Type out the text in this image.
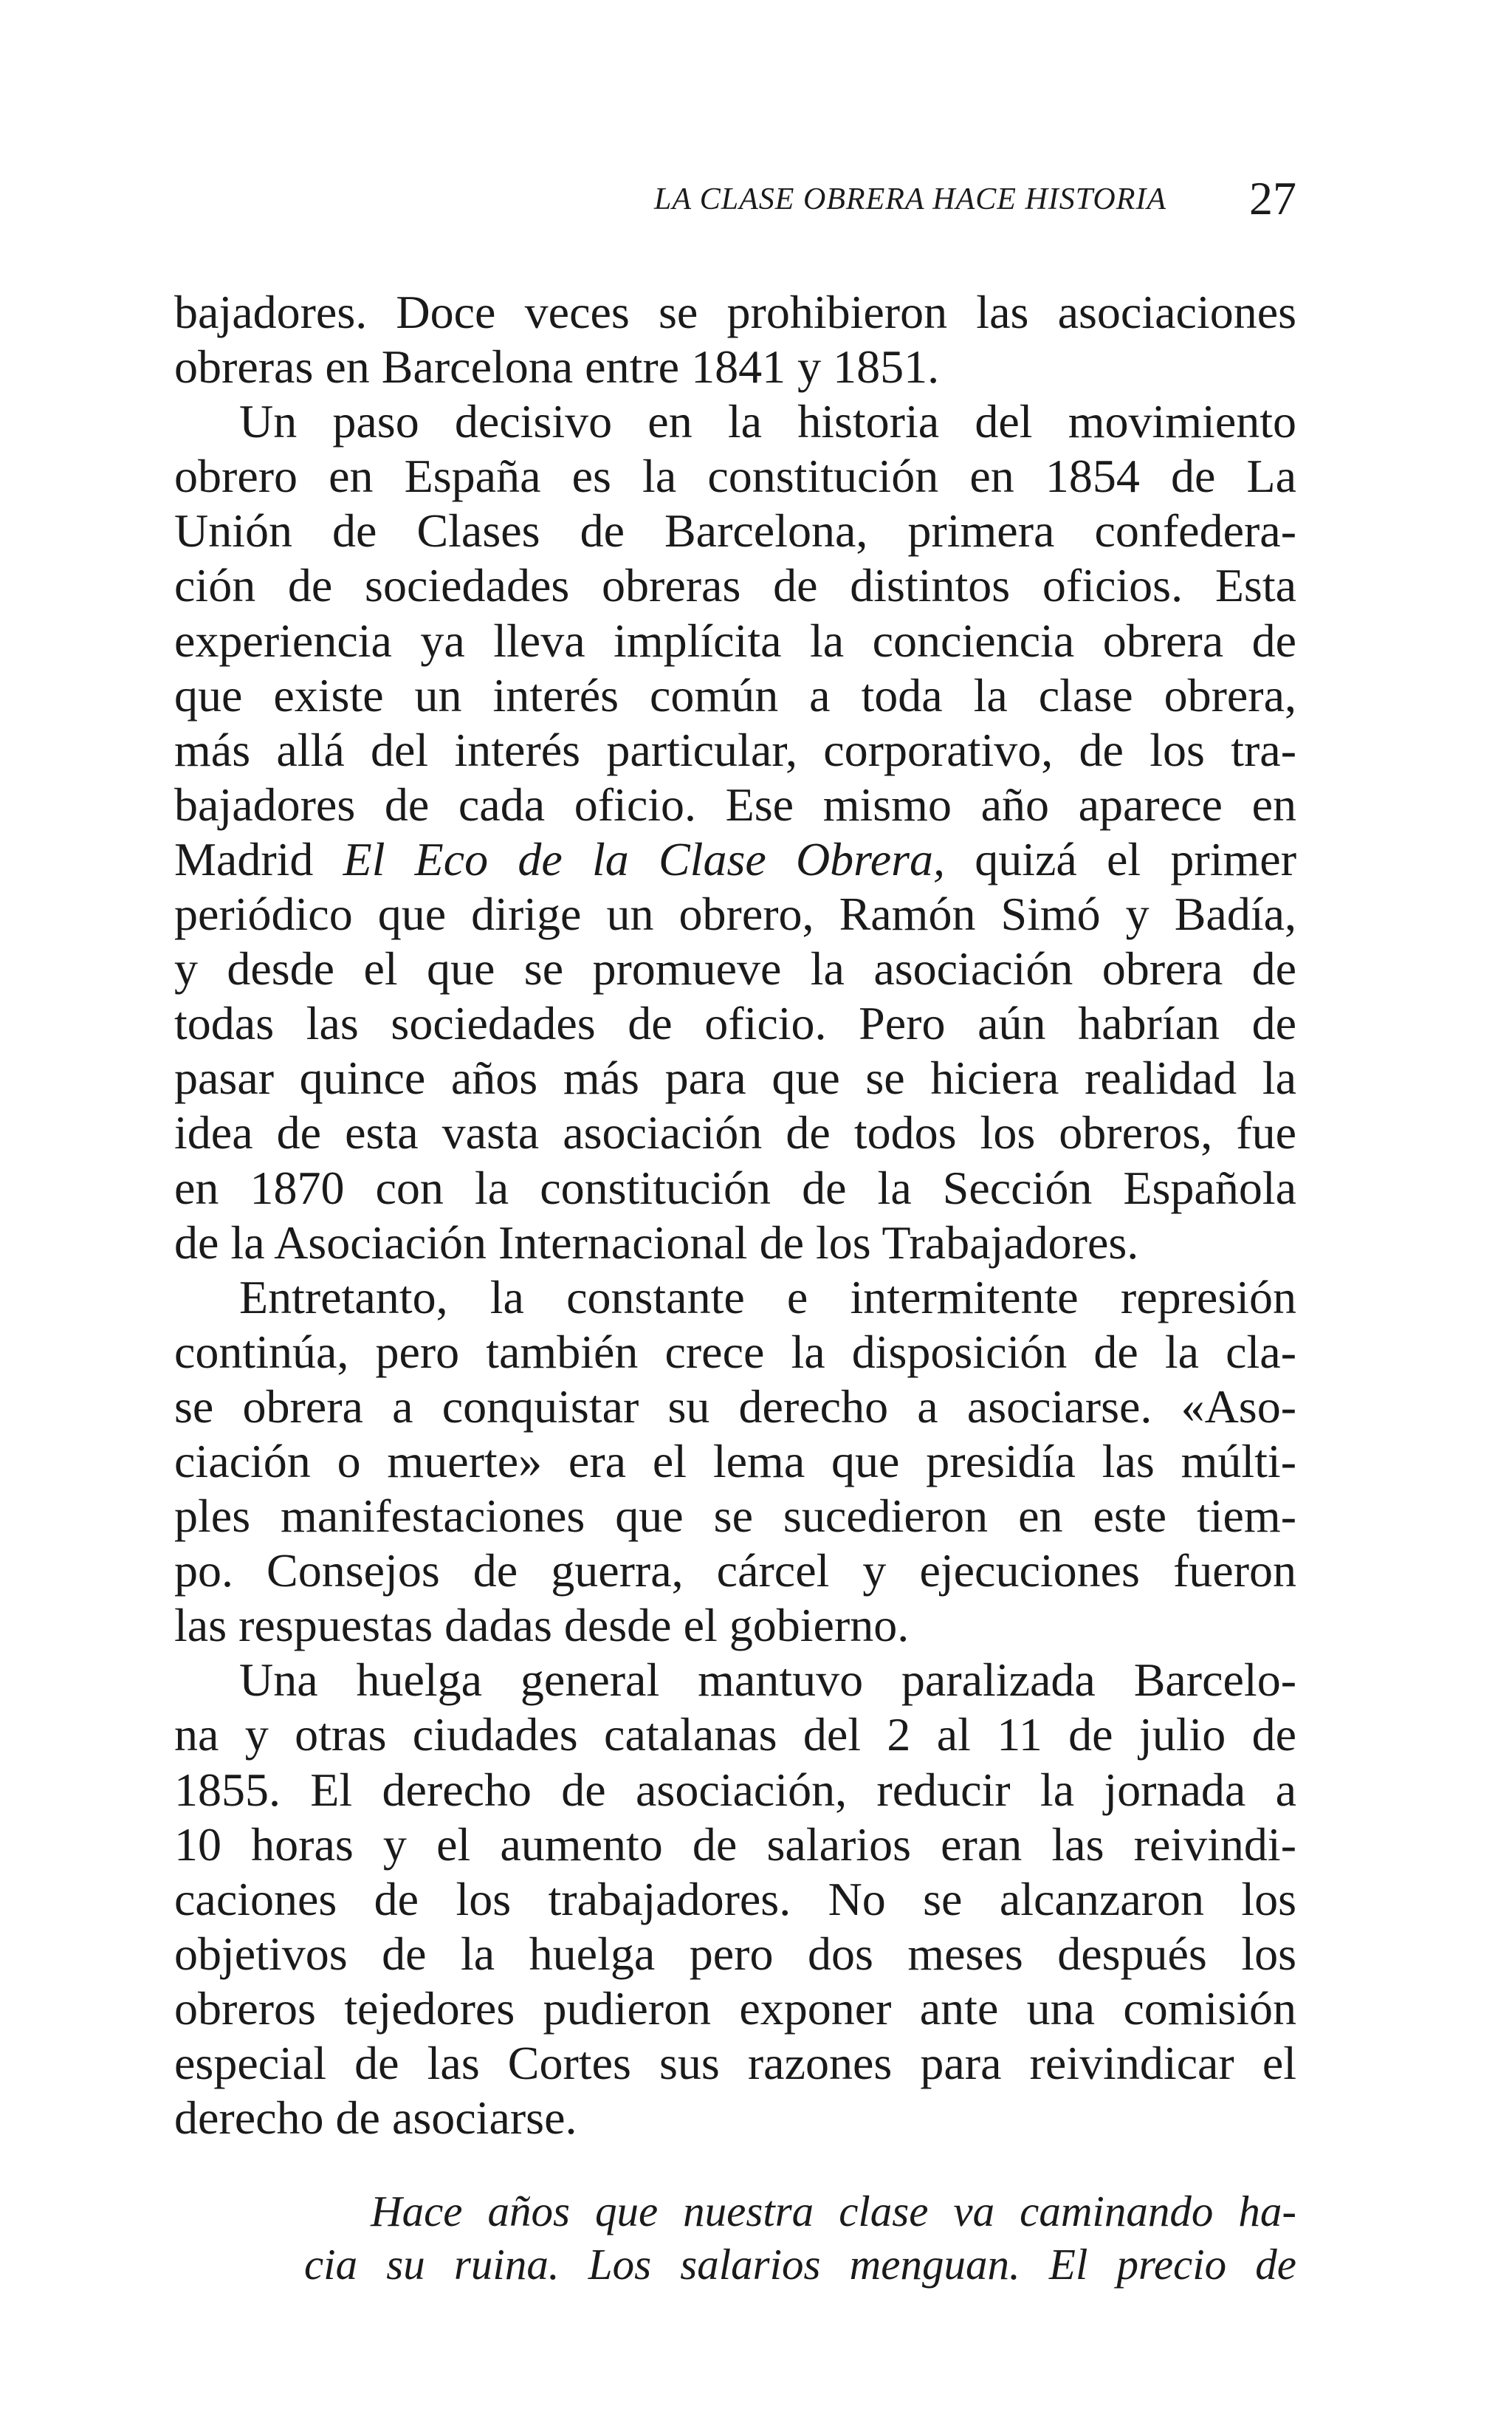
LA CLASE OBRERA HACE HISTORIA 27
bajadores. Doce veces se prohibieron las asociaciones
obreras en Barcelona entre 1841 y 1851.
Un paso decisivo en la historia del movimiento
obrero en España es la constitución en 1854 de La
Unión de Clases de Barcelona, primera confedera-
ción de sociedades obreras de distintos oficios. Esta
experiencia ya lleva implícita la conciencia obrera de
que existe un interés común a toda la clase obrera,
más allá del interés particular, corporativo, de los tra-
bajadores de cada oficio. Ese mismo año aparece en
Madrid El Eco de la Clase Obrera, quizá el primer
periódico que dirige un obrero, Ramón Simó y Badía,
y desde el que se promueve la asociación obrera de
todas las sociedades de oficio. Pero aún habrían de
pasar quince años más para que se hiciera realidad la
idea de esta vasta asociación de todos los obreros, fue
en 1870 con la constitución de la Sección Española
de la Asociación Internacional de los Trabajadores.
Entretanto, la constante e intermitente represión
continúa, pero también crece la disposición de la cla-
se obrera a conquistar su derecho a asociarse. «Aso-
ciación o muerte» era el lema que presidía las múlti-
ples manifestaciones que se sucedieron en este tiem-
po. Consejos de guerra, cárcel y ejecuciones fueron
las respuestas dadas desde el gobierno.
Una huelga general mantuvo paralizada Barcelo-
na y otras ciudades catalanas del 2 al 11 de julio de
1855. El derecho de asociación, reducir la jornada a
10 horas y el aumento de salarios eran las reivindi-
caciones de los trabajadores. No se alcanzaron los
objetivos de la huelga pero dos meses después los
obreros tejedores pudieron exponer ante una comisión
especial de las Cortes sus razones para reivindicar el
derecho de asociarse.
Hace años que nuestra clase va caminando ha-
cia su ruina. Los salarios menguan. El precio de
